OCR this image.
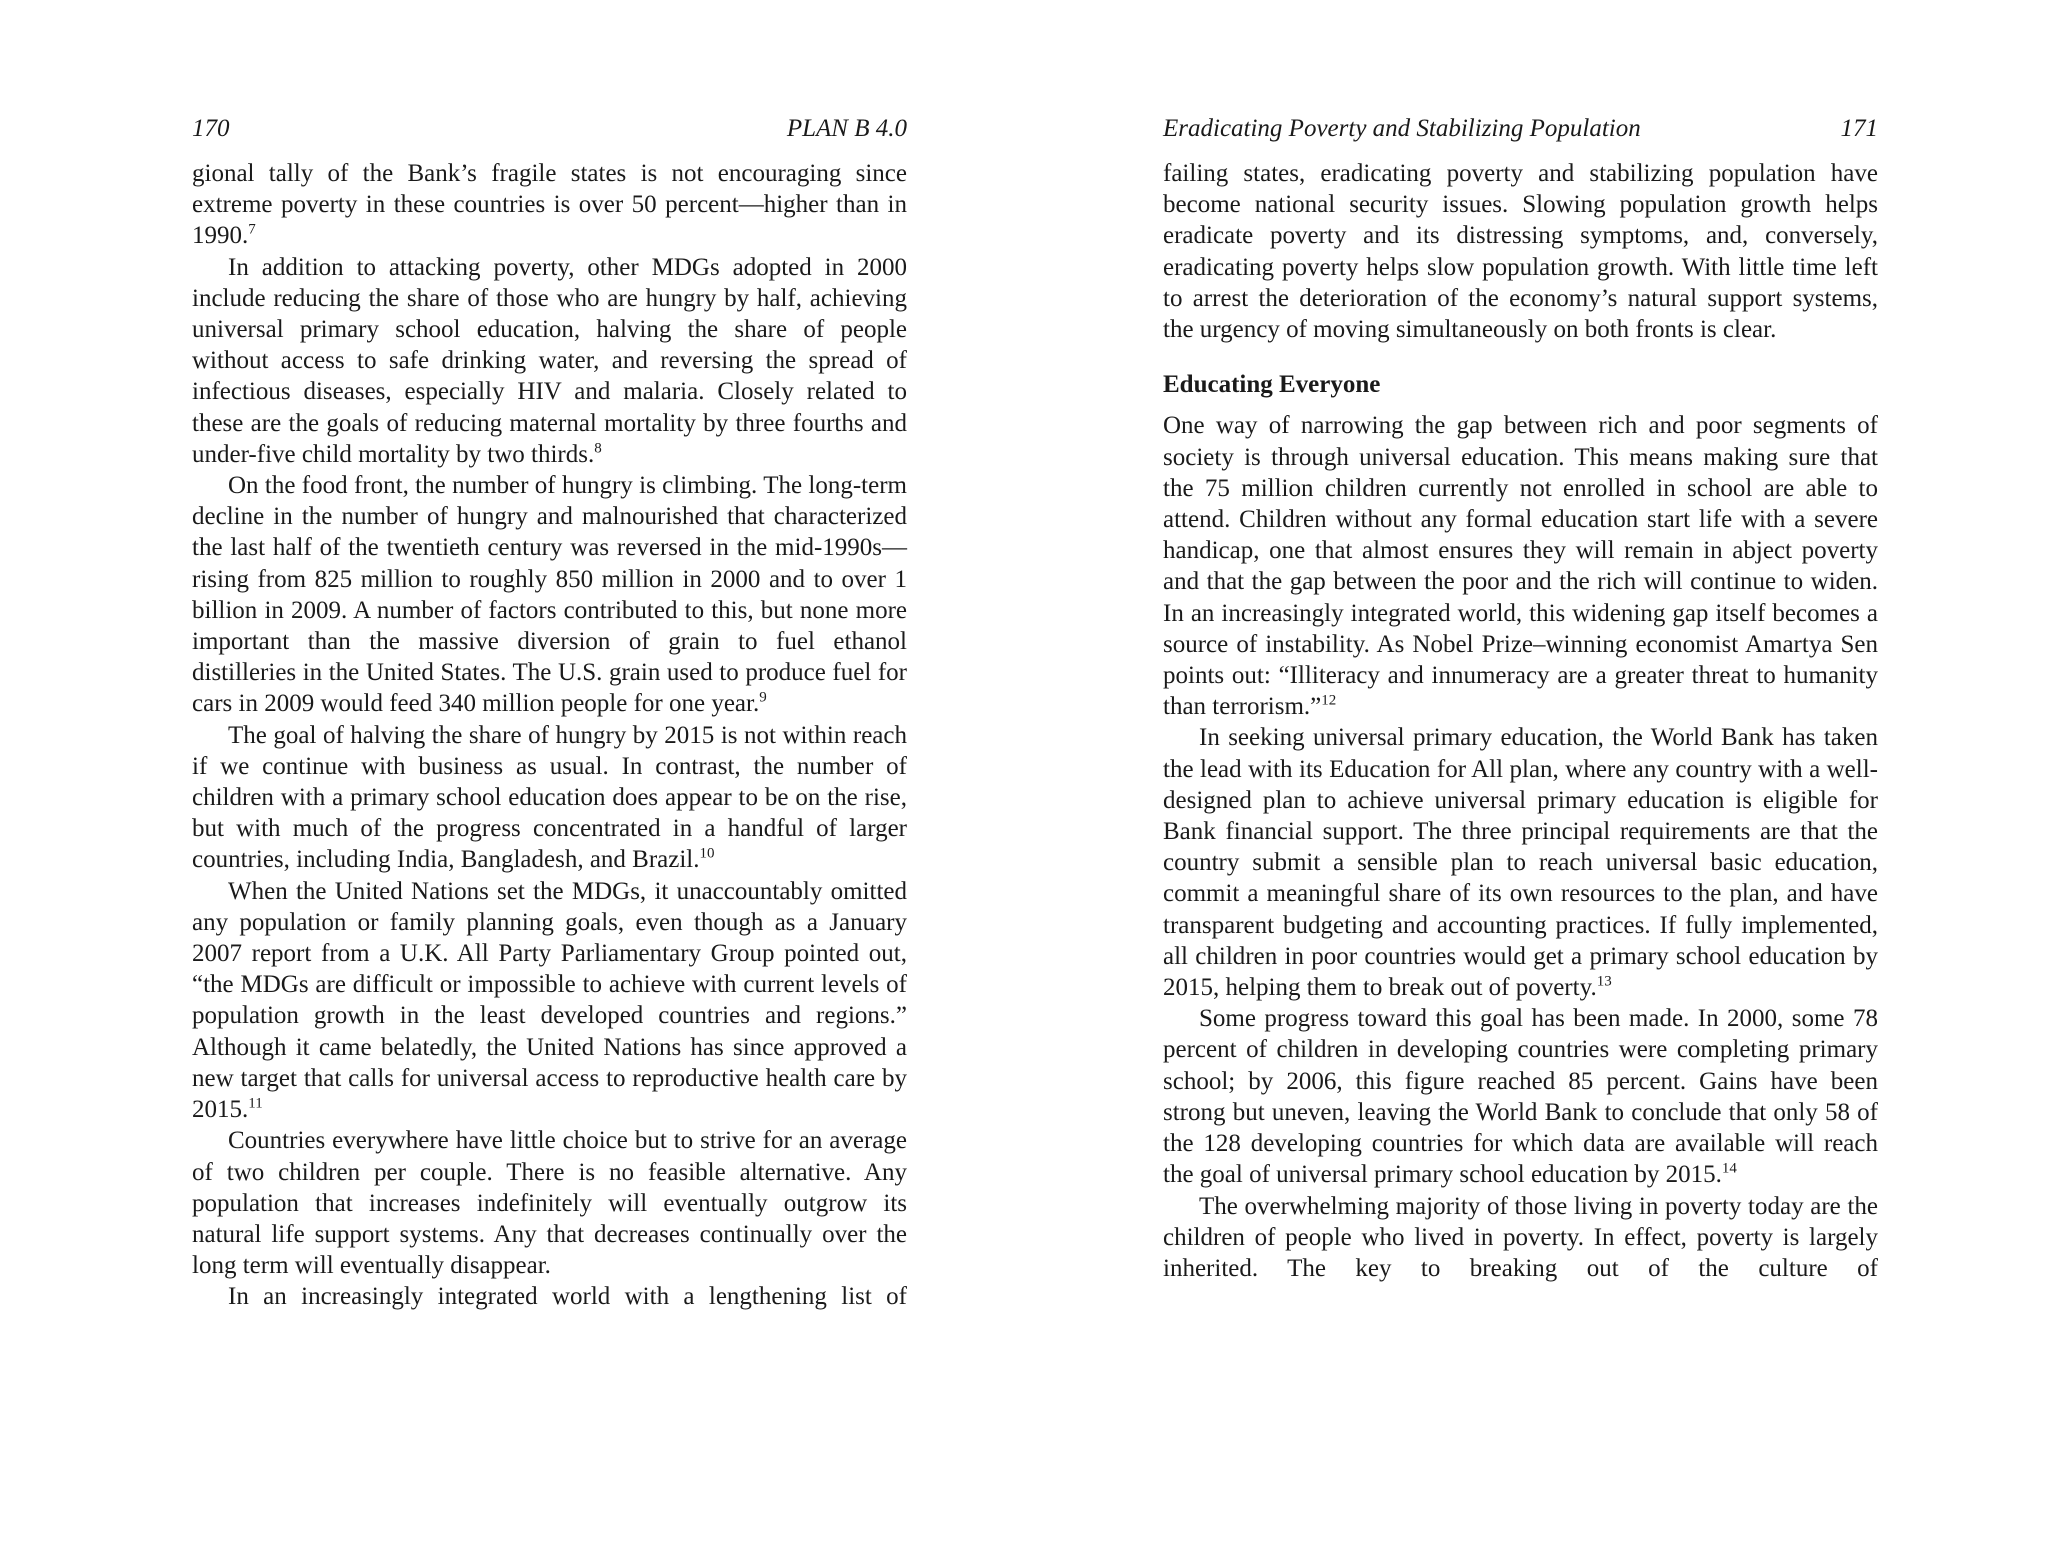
170	PLAN B 4.0

gional tally of the Bank’s fragile states is not encouraging since extreme poverty in these countries is over 50 percent—higher than in 1990.$^7$

In addition to attacking poverty, other MDGs adopted in 2000 include reducing the share of those who are hungry by half, achieving universal primary school education, halving the share of people without access to safe drinking water, and reversing the spread of infectious diseases, especially HIV and malaria. Closely related to these are the goals of reducing maternal mortality by three fourths and under-five child mortality by two thirds.$^8$

On the food front, the number of hungry is climbing. The long-term decline in the number of hungry and malnourished that characterized the last half of the twentieth century was reversed in the mid-1990s—rising from 825 million to roughly 850 million in 2000 and to over 1 billion in 2009. A number of factors contributed to this, but none more important than the massive diversion of grain to fuel ethanol distilleries in the United States. The U.S. grain used to produce fuel for cars in 2009 would feed 340 million people for one year.$^9$

The goal of halving the share of hungry by 2015 is not within reach if we continue with business as usual. In contrast, the number of children with a primary school education does appear to be on the rise, but with much of the progress concentrated in a handful of larger countries, including India, Bangladesh, and Brazil.$^{10}$

When the United Nations set the MDGs, it unaccountably omitted any population or family planning goals, even though as a January 2007 report from a U.K. All Party Parliamentary Group pointed out, “the MDGs are difficult or impossible to achieve with current levels of population growth in the least developed countries and regions.” Although it came belatedly, the United Nations has since approved a new target that calls for universal access to reproductive health care by 2015.11

Countries everywhere have little choice but to strive for an average of two children per couple. There is no feasible alternative. Any population that increases indefinitely will eventually outgrow its natural life support systems. Any that decreases continually over the long term will eventually disappear.

In an increasingly integrated world with a lengthening list of

Eradicating Poverty and Stabilizing Population	171

failing states, eradicating poverty and stabilizing population have become national security issues. Slowing population growth helps eradicate poverty and its distressing symptoms, and, conversely, eradicating poverty helps slow population growth. With little time left to arrest the deterioration of the economy’s natural support systems, the urgency of moving simultaneously on both fronts is clear.

Educating Everyone

One way of narrowing the gap between rich and poor segments of society is through universal education. This means making sure that the 75 million children currently not enrolled in school are able to attend. Children without any formal education start life with a severe handicap, one that almost ensures they will remain in abject poverty and that the gap between the poor and the rich will continue to widen. In an increasingly integrated world, this widening gap itself becomes a source of instability. As Nobel Prize–winning economist Amartya Sen points out: “Illiteracy and innumeracy are a greater threat to humanity than terrorism.”$^{12}$

In seeking universal primary education, the World Bank has taken the lead with its Education for All plan, where any country with a well-designed plan to achieve universal primary education is eligible for Bank financial support. The three principal requirements are that the country submit a sensible plan to reach universal basic education, commit a meaningful share of its own resources to the plan, and have transparent budgeting and accounting practices. If fully implemented, all children in poor countries would get a primary school education by 2015, helping them to break out of poverty.$^{13}$

Some progress toward this goal has been made. In 2000, some 78 percent of children in developing countries were completing primary school; by 2006, this figure reached 85 percent. Gains have been strong but uneven, leaving the World Bank to conclude that only 58 of the 128 developing countries for which data are available will reach the goal of universal primary school education by 2015.14

The overwhelming majority of those living in poverty today are the children of people who lived in poverty. In effect, poverty is largely inherited. The key to breaking out of the culture of
